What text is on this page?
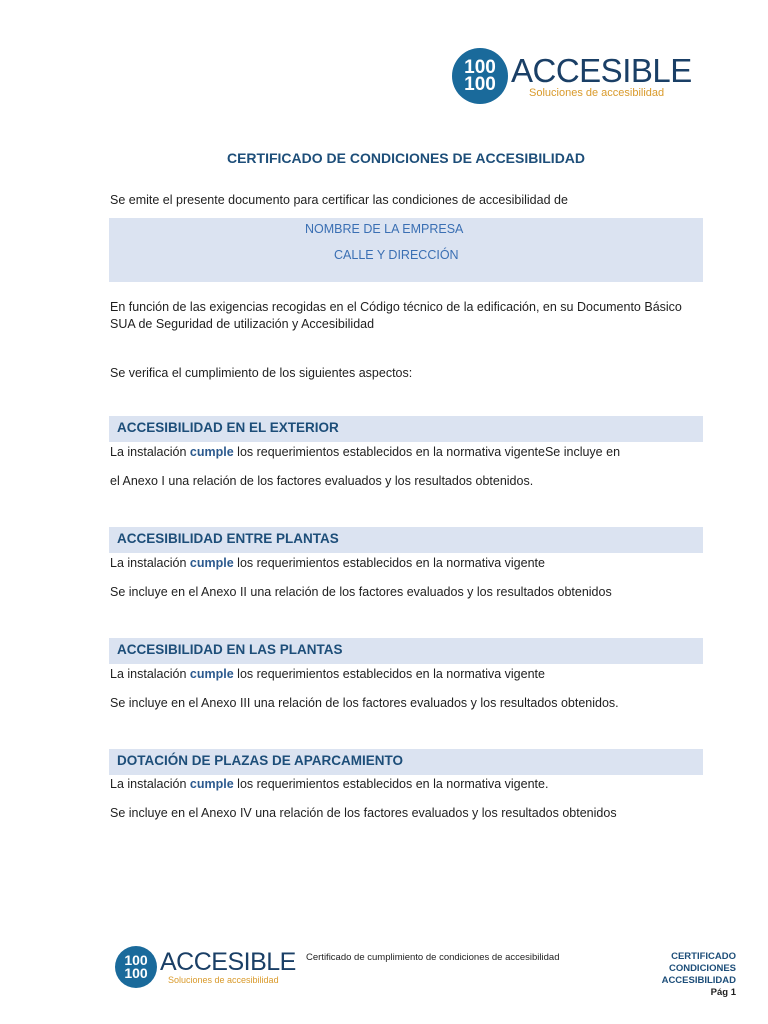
100
100 ACCESIBLE
Soluciones de accesibilidad
CERTIFICADO DE CONDICIONES DE ACCESIBILIDAD
Se emite el presente documento para certificar las condiciones de accesibilidad de
NOMBRE DE LA EMPRESA
CALLE Y DIRECCIÓN
En función de las exigencias recogidas en el Código técnico de la edificación, en su Documento Básico SUA de Seguridad de utilización y Accesibilidad
Se verifica el cumplimiento de los siguientes aspectos:
ACCESIBILIDAD EN EL EXTERIOR
La instalación cumple los requerimientos establecidos en la normativa vigenteSe incluye en
el Anexo I una relación de los factores evaluados y los resultados obtenidos.
ACCESIBILIDAD ENTRE PLANTAS
La instalación cumple los requerimientos establecidos en la normativa vigente
Se incluye en el Anexo II una relación de los factores evaluados y los resultados obtenidos
ACCESIBILIDAD EN LAS PLANTAS
La instalación cumple los requerimientos establecidos en la normativa vigente
Se incluye en el Anexo III una relación de los factores evaluados y los resultados obtenidos.
DOTACIÓN DE PLAZAS DE APARCAMIENTO
La instalación cumple los requerimientos establecidos en la normativa vigente.
Se incluye en el Anexo IV una relación de los factores evaluados y los resultados obtenidos
100
100 ACCESIBLE
Soluciones de accesibilidad
Certificado de cumplimiento de condiciones de accesibilidad	CERTIFICADO
CONDICIONES
ACCESIBILIDAD
Pág 1
